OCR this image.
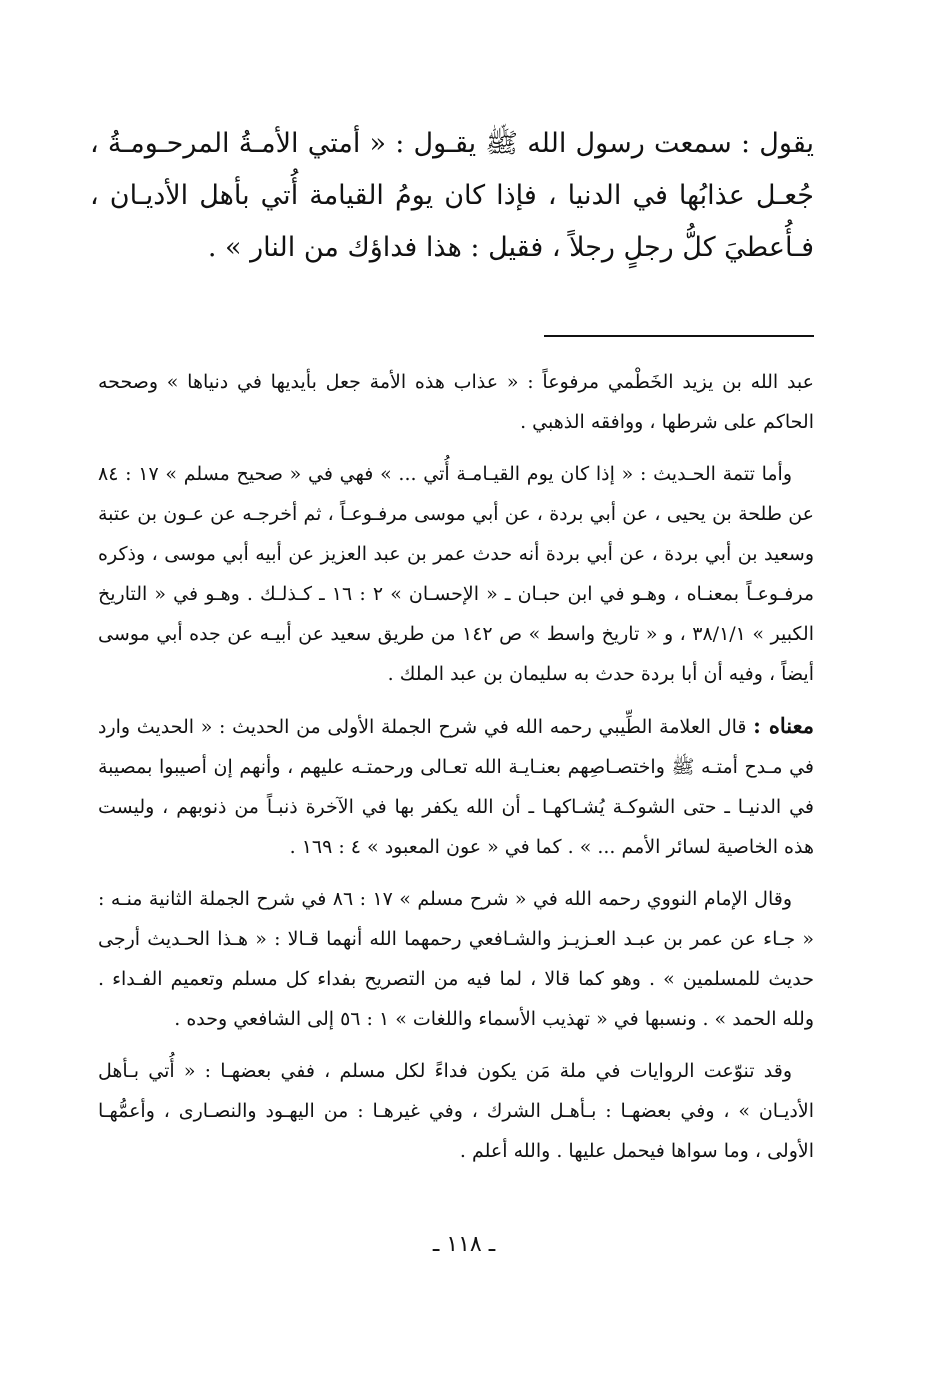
يقول : سمعت رسول الله ﷺ يقـول : « أمتي الأمـةُ المرحـومـةُ ، جُعـل عذابُها في الدنيا ، فإذا كان يومُ القيامة أُتي بأهل الأديـان ، فـأُعطيَ كلُّ رجلٍ رجلاً ، فقيل : هذا فداؤك من النار » .

عبد الله بن يزيد الخَطْمي مرفوعاً : « عذاب هذه الأمة جعل بأيديها في دنياها » وصححه الحاكم على شرطها ، ووافقه الذهبي .

وأما تتمة الحـديث : « إذا كان يوم القيـامـة أُتي ... » فهي في « صحيح مسلم » ١٧ : ٨٤ عن طلحة بن يحيى ، عن أبي بردة ، عن أبي موسى مرفـوعـاً ، ثم أخرجـه عن عـون بن عتبة وسعيد بن أبي بردة ، عن أبي بردة أنه حدث عمر بن عبد العزيز عن أبيه أبي موسى ، وذكره مرفـوعـاً بمعنـاه ، وهـو في ابن حبـان ـ « الإحسـان » ٢ : ١٦ ـ كـذلـك . وهـو في « التاريخ الكبير » ٣٨/١/١ ، و « تاريخ واسط » ص ١٤٢ من طريق سعيد عن أبيـه عن جده أبي موسى أيضاً ، وفيه أن أبا بردة حدث به سليمان بن عبد الملك .

معناه : قال العلامة الطِّيبي رحمه الله في شرح الجملة الأولى من الحديث : « الحديث وارد في مـدح أمتـه ﷺ واختصـاصِهم بعنـايـة الله تعـالى ورحمتـه عليهم ، وأنهم إن أصيبوا بمصيبة في الدنيـا ـ حتى الشوكـة يُشـاكهـا ـ أن الله يكفر بها في الآخرة ذنبـاً من ذنوبهم ، وليست هذه الخاصية لسائر الأمم ... » . كما في « عون المعبود » ٤ : ١٦٩ .

وقال الإمام النووي رحمه الله في « شرح مسلم » ١٧ : ٨٦ في شرح الجملة الثانية منـه : « جـاء عن عمر بن عبـد العـزيـز والشـافعي رحمهما الله أنهما قـالا : « هـذا الحـديث أرجى حديث للمسلمين » . وهو كما قالا ، لما فيه من التصريح بفداء كل مسلم وتعميم الفـداء . ولله الحمد » . ونسبها في « تهذيب الأسماء واللغات » ١ : ٥٦ إلى الشافعي وحده .

وقد تنوّعت الروايات في ملة مَن يكون فداءً لكل مسلم ، ففي بعضهـا : « أُتي بـأهل الأديـان » ، وفي بعضهـا : بـأهـل الشرك ، وفي غيرهـا : من اليهـود والنصـارى ، وأعمُّهـا الأولى ، وما سواها فيحمل عليها . والله أعلم .

ـ ١١٨ ـ
